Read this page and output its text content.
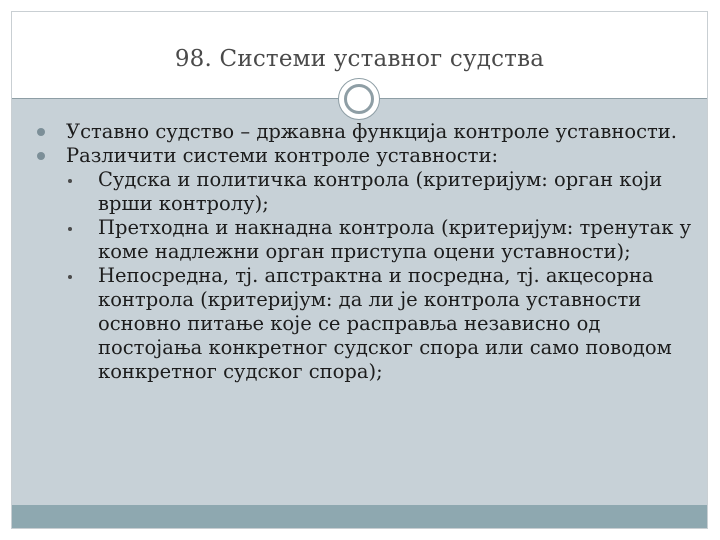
98. Системи уставног судства
Уставно судство – државна функција контроле уставности.
Различити системи контроле уставности:
Судска и политичка контрола (критеријум: орган који врши контролу);
Претходна и накнадна контрола (критеријум: тренутак у коме надлежни орган приступа оцени уставности);
Непосредна, тј. апстрактна и посредна, тј. акцесорна контрола (критеријум: да ли је контрола уставности основно питање које се расправља независно од постојања конкретног судског спора или само поводом конкретног судског спора);
